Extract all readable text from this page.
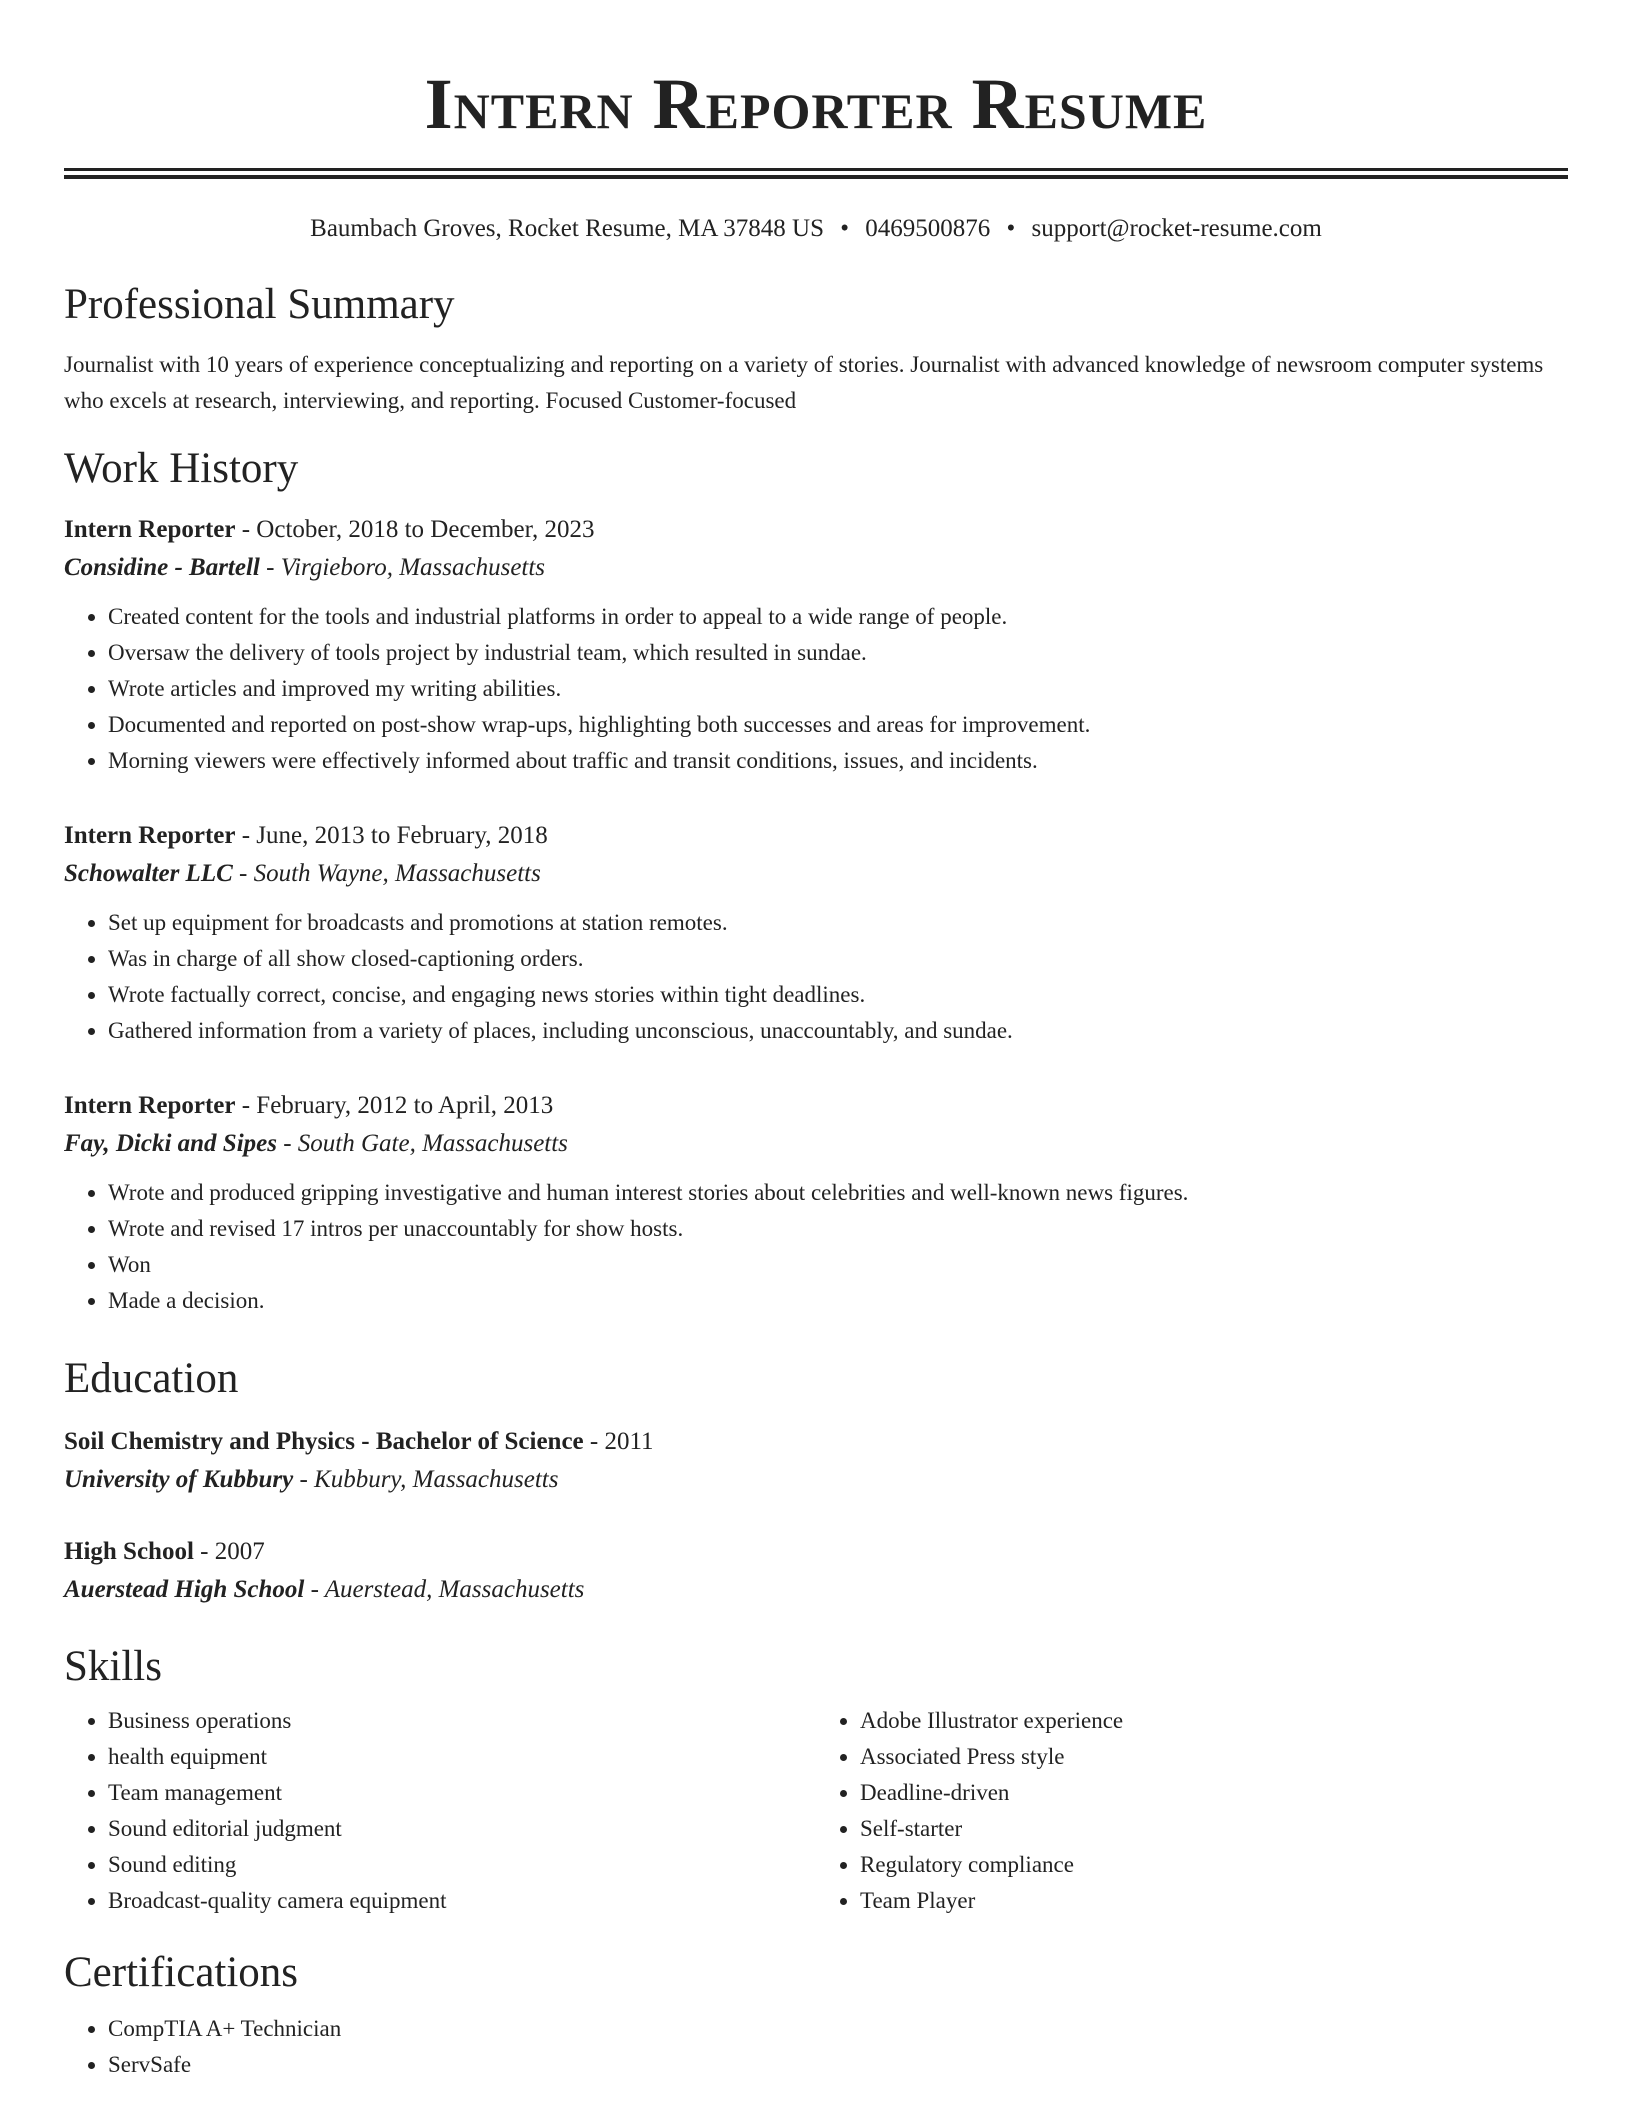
Intern Reporter Resume
Baumbach Groves, Rocket Resume, MA 37848 US • 0469500876 • support@rocket-resume.com
Professional Summary

Journalist with 10 years of experience conceptualizing and reporting on a variety of stories. Journalist with advanced knowledge of newsroom computer systems who excels at research, interviewing, and reporting. Focused Customer-focused

Work History
Intern Reporter - October, 2018 to December, 2023
Considine - Bartell - Virgieboro, Massachusetts
• Created content for the tools and industrial platforms in order to appeal to a wide range of people.
• Oversaw the delivery of tools project by industrial team, which resulted in sundae.
• Wrote articles and improved my writing abilities.
• Documented and reported on post-show wrap-ups, highlighting both successes and areas for improvement.
• Morning viewers were effectively informed about traffic and transit conditions, issues, and incidents.
Intern Reporter - June, 2013 to February, 2018
Schowalter LLC - South Wayne, Massachusetts
• Set up equipment for broadcasts and promotions at station remotes.
• Was in charge of all show closed-captioning orders.
• Wrote factually correct, concise, and engaging news stories within tight deadlines.
• Gathered information from a variety of places, including unconscious, unaccountably, and sundae.
Intern Reporter - February, 2012 to April, 2013
Fay, Dicki and Sipes - South Gate, Massachusetts
• Wrote and produced gripping investigative and human interest stories about celebrities and well-known news figures.
• Wrote and revised 17 intros per unaccountably for show hosts.
• Won
• Made a decision.
Education
Soil Chemistry and Physics - Bachelor of Science - 2011
University of Kubbury - Kubbury, Massachusetts
High School - 2007
Auerstead High School - Auerstead, Massachusetts
Skills
• Business operations
• health equipment
• Team management
• Sound editorial judgment
• Sound editing
• Broadcast-quality camera equipment
• Adobe Illustrator experience
• Associated Press style
• Deadline-driven
• Self-starter
• Regulatory compliance
• Team Player
Certifications
• CompTIA A+ Technician
• ServSafe
